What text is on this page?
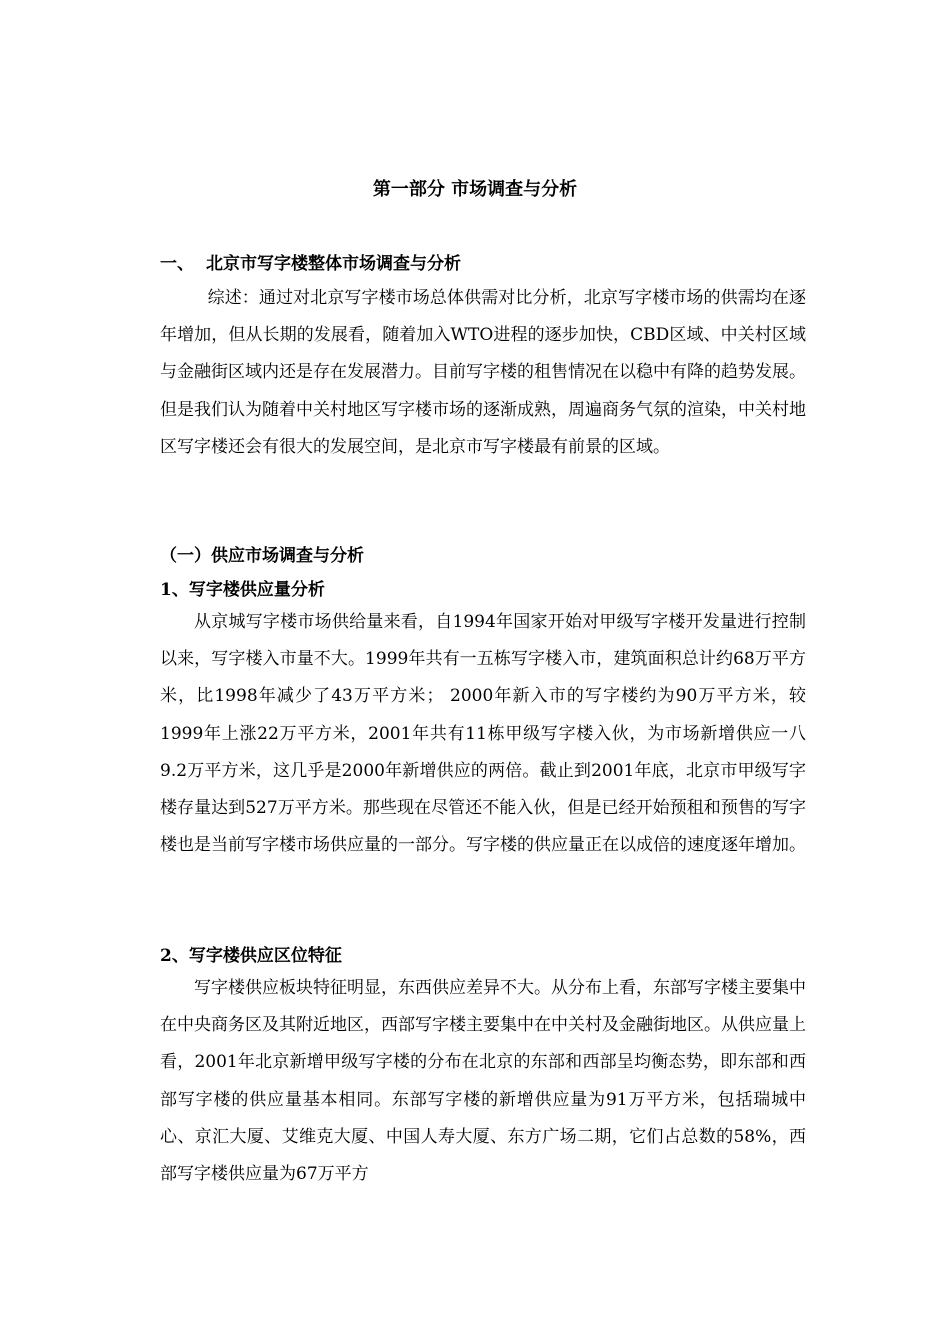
第一部分 市场调查与分析
一、 北京市写字楼整体市场调查与分析

综述：通过对北京写字楼市场总体供需对比分析，北京写字楼市场的供需均在逐年增加，但从长期的发展看，随着加入WTO进程的逐步加快，CBD区域、中关村区域与金融街区域内还是存在发展潜力。目前写字楼的租售情况在以稳中有降的趋势发展。但是我们认为随着中关村地区写字楼市场的逐渐成熟，周遍商务气氛的渲染，中关村地区写字楼还会有很大的发展空间，是北京市写字楼最有前景的区域。

（一）供应市场调查与分析
1、写字楼供应量分析

从京城写字楼市场供给量来看，自1994年国家开始对甲级写字楼开发量进行控制以来，写字楼入市量不大。1999年共有一五栋写字楼入市，建筑面积总计约68万平方米，比1998年减少了43万平方米； 2000年新入市的写字楼约为90万平方米，较1999年上涨22万平方米，2001年共有11栋甲级写字楼入伙，为市场新增供应一八9.2万平方米，这几乎是2000年新增供应的两倍。截止到2001年底，北京市甲级写字楼存量达到527万平方米。那些现在尽管还不能入伙，但是已经开始预租和预售的写字楼也是当前写字楼市场供应量的一部分。写字楼的供应量正在以成倍的速度逐年增加。

2、写字楼供应区位特征

写字楼供应板块特征明显，东西供应差异不大。从分布上看，东部写字楼主要集中在中央商务区及其附近地区，西部写字楼主要集中在中关村及金融街地区。从供应量上看，2001年北京新增甲级写字楼的分布在北京的东部和西部呈均衡态势，即东部和西部写字楼的供应量基本相同。东部写字楼的新增供应量为91万平方米，包括瑞城中心、京汇大厦、艾维克大厦、中国人寿大厦、东方广场二期，它们占总数的58%，西部写字楼供应量为67万平方
